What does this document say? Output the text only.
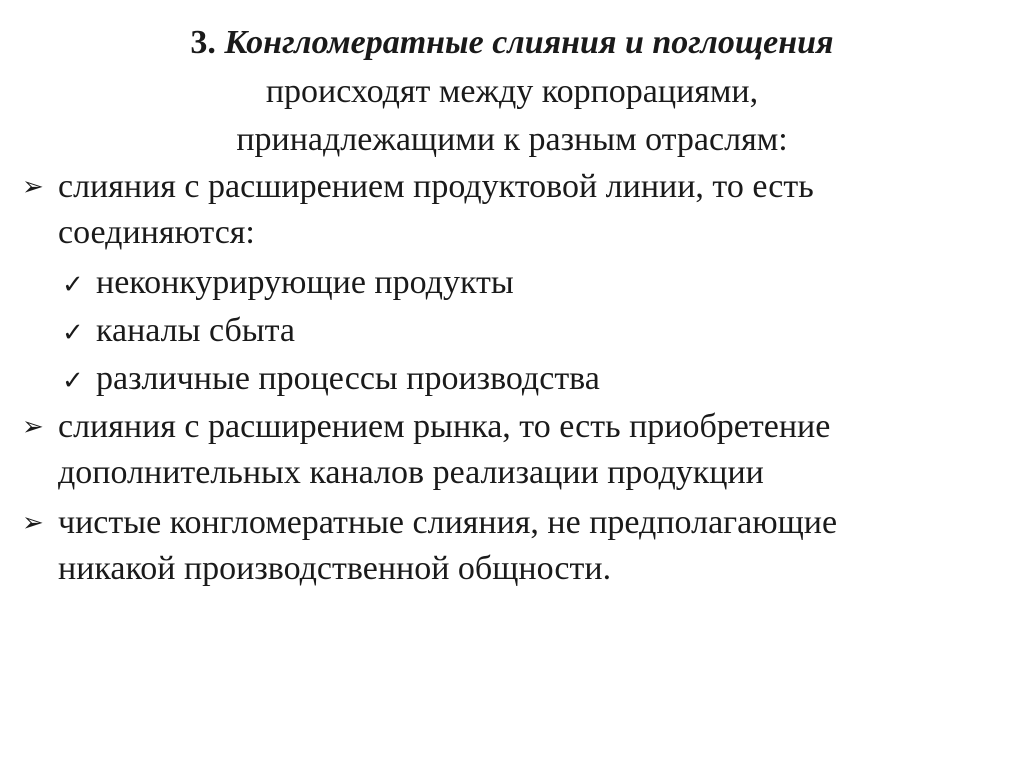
3. Конгломератные слияния и поглощения
происходят между корпорациями,
принадлежащими к разным отраслям:
➢ слияния с расширением продуктовой линии, то есть
соединяются:
✓ неконкурирующие продукты
✓ каналы сбыта
✓ различные процессы производства
➢ слияния с расширением рынка, то есть приобретение
дополнительных каналов реализации продукции
➢ чистые конгломератные слияния, не предполагающие
никакой производственной общности.
